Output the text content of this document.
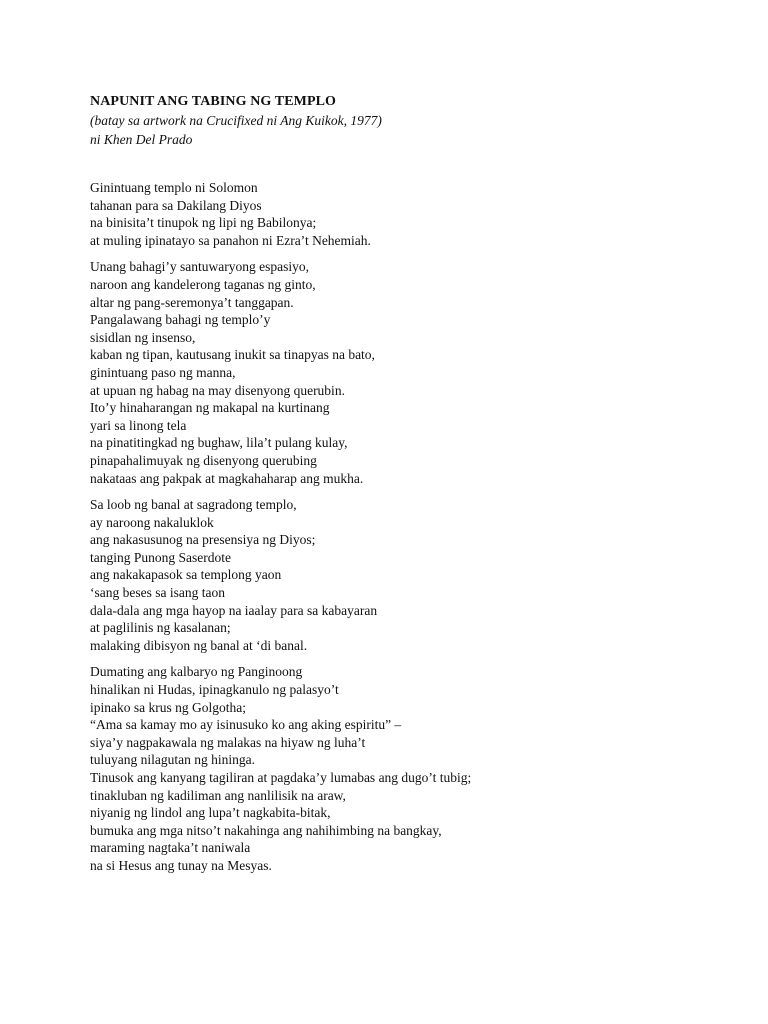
NAPUNIT ANG TABING NG TEMPLO

(batay sa artwork na Crucifixed ni Ang Kuikok, 1977)

ni Khen Del Prado

Ginintuang templo ni Solomon
tahanan para sa Dakilang Diyos
na binisita’t tinupok ng lipi ng Babilonya;
at muling ipinatayo sa panahon ni Ezra’t Nehemiah.
Unang bahagi’y santuwaryong espasiyo,
naroon ang kandelerong taganas ng ginto,
altar ng pang-seremonya’t tanggapan.
Pangalawang bahagi ng templo’y
sisidlan ng insenso,
kaban ng tipan, kautusang inukit sa tinapyas na bato,
ginintuang paso ng manna,
at upuan ng habag na may disenyong querubin.
Ito’y hinaharangan ng makapal na kurtinang
yari sa linong tela
na pinatitingkad ng bughaw, lila’t pulang kulay,
pinapahalimuyak ng disenyong querubing
nakataas ang pakpak at magkahaharap ang mukha.
Sa loob ng banal at sagradong templo,
ay naroong nakaluklok
ang nakasusunog na presensiya ng Diyos;
tanging Punong Saserdote
ang nakakapasok sa templong yaon
‘sang beses sa isang taon
dala-dala ang mga hayop na iaalay para sa kabayaran
at paglilinis ng kasalanan;
malaking dibisyon ng banal at ‘di banal.
Dumating ang kalbaryo ng Panginoong
hinalikan ni Hudas, ipinagkanulo ng palasyo’t
ipinako sa krus ng Golgotha;
“Ama sa kamay mo ay isinusuko ko ang aking espiritu” –
siya’y nagpakawala ng malakas na hiyaw ng luha’t
tuluyang nilagutan ng hininga.
Tinusok ang kanyang tagiliran at pagdaka’y lumabas ang dugo’t tubig;
tinakluban ng kadiliman ang nanlilisik na araw,
niyanig ng lindol ang lupa’t nagkabita-bitak,
bumuka ang mga nitso’t nakahinga ang nahihimbing na bangkay,
maraming nagtaka’t naniwala
na si Hesus ang tunay na Mesyas.
